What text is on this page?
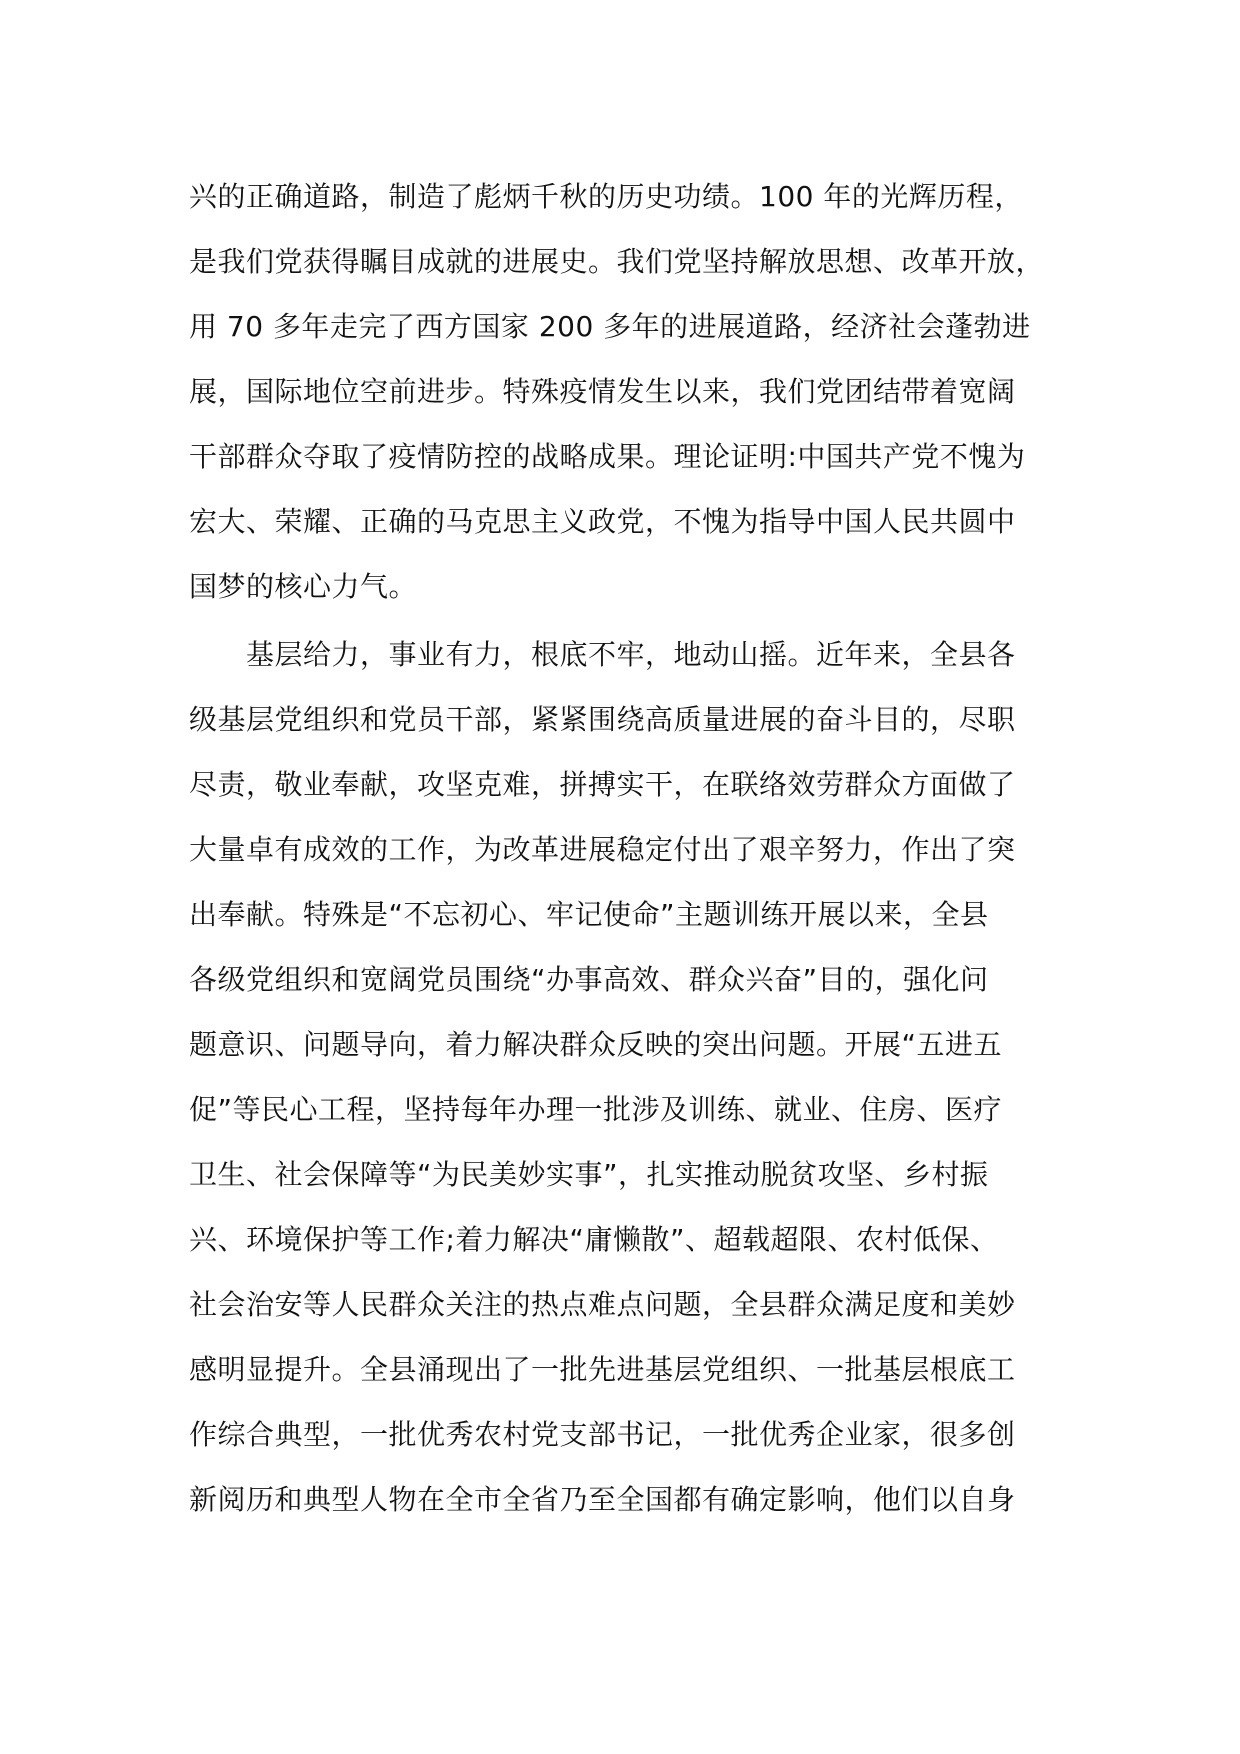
兴的正确道路，制造了彪炳千秋的历史功绩。100 年的光辉历程，
是我们党获得瞩目成就的进展史。我们党坚持解放思想、改革开放，
用 70 多年走完了西方国家 200 多年的进展道路，经济社会蓬勃进
展，国际地位空前进步。特殊疫情发生以来，我们党团结带着宽阔
干部群众夺取了疫情防控的战略成果。理论证明:中国共产党不愧为
宏大、荣耀、正确的马克思主义政党，不愧为指导中国人民共圆中
国梦的核心力气。
　　基层给力，事业有力，根底不牢，地动山摇。近年来，全县各
级基层党组织和党员干部，紧紧围绕高质量进展的奋斗目的，尽职
尽责，敬业奉献，攻坚克难，拼搏实干，在联络效劳群众方面做了
大量卓有成效的工作，为改革进展稳定付出了艰辛努力，作出了突
出奉献。特殊是“不忘初心、牢记使命”主题训练开展以来，全县
各级党组织和宽阔党员围绕“办事高效、群众兴奋”目的，强化问
题意识、问题导向，着力解决群众反映的突出问题。开展“五进五
促”等民心工程，坚持每年办理一批涉及训练、就业、住房、医疗
卫生、社会保障等“为民美妙实事”，扎实推动脱贫攻坚、乡村振
兴、环境保护等工作;着力解决“庸懒散”、超载超限、农村低保、
社会治安等人民群众关注的热点难点问题，全县群众满足度和美妙
感明显提升。全县涌现出了一批先进基层党组织、一批基层根底工
作综合典型，一批优秀农村党支部书记，一批优秀企业家，很多创
新阅历和典型人物在全市全省乃至全国都有确定影响，他们以自身
